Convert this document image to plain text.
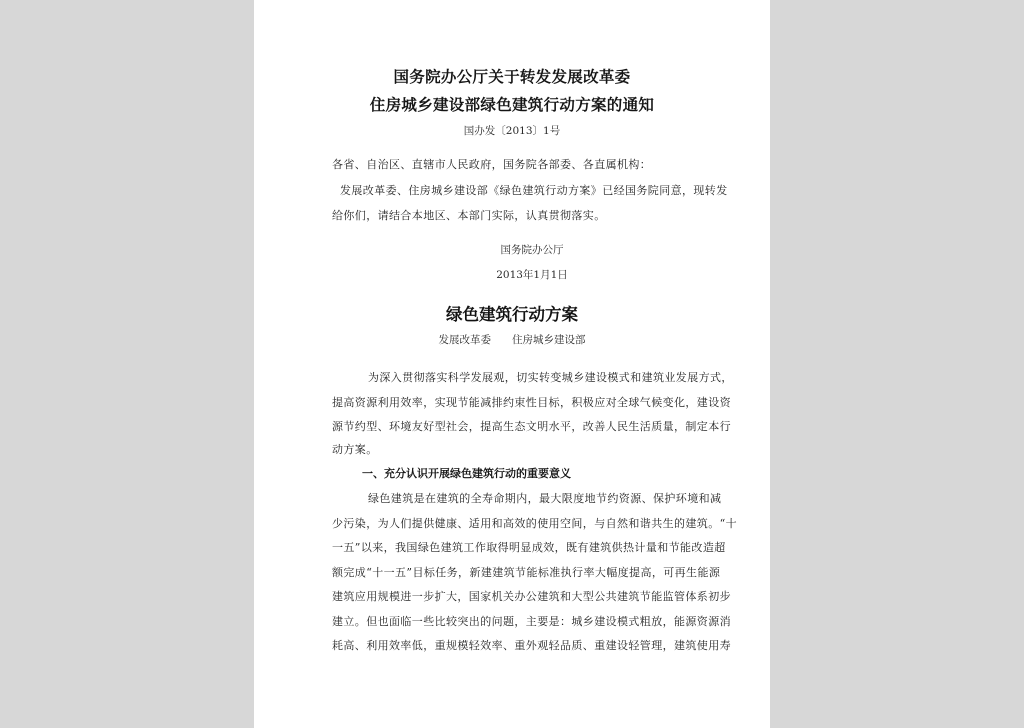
国务院办公厅关于转发发展改革委
住房城乡建设部绿色建筑行动方案的通知
国办发〔2013〕1号
各省、自治区、直辖市人民政府，国务院各部委、各直属机构：
发展改革委、住房城乡建设部《绿色建筑行动方案》已经国务院同意，现转发
给你们，请结合本地区、本部门实际，认真贯彻落实。
国务院办公厅
2013年1月1日
绿色建筑行动方案
发展改革委　　住房城乡建设部
为深入贯彻落实科学发展观，切实转变城乡建设模式和建筑业发展方式，
提高资源利用效率，实现节能减排约束性目标，积极应对全球气候变化，建设资
源节约型、环境友好型社会，提高生态文明水平，改善人民生活质量，制定本行
动方案。
一、充分认识开展绿色建筑行动的重要意义
绿色建筑是在建筑的全寿命期内，最大限度地节约资源、保护环境和减
少污染，为人们提供健康、适用和高效的使用空间，与自然和谐共生的建筑。“十
一五”以来，我国绿色建筑工作取得明显成效，既有建筑供热计量和节能改造超
额完成“十一五”目标任务，新建建筑节能标准执行率大幅度提高，可再生能源
建筑应用规模进一步扩大，国家机关办公建筑和大型公共建筑节能监管体系初步
建立。但也面临一些比较突出的问题，主要是：城乡建设模式粗放，能源资源消
耗高、利用效率低，重规模轻效率、重外观轻品质、重建设轻管理，建筑使用寿
